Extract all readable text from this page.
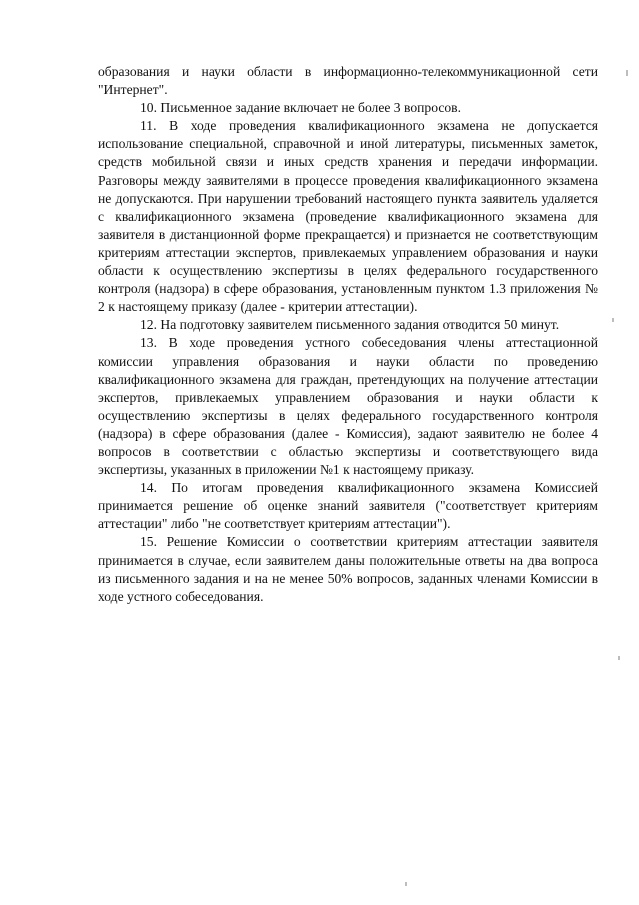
образования и науки области в информационно-телекоммуникационной сети "Интернет".

10. Письменное задание включает не более 3 вопросов.

11. В ходе проведения квалификационного экзамена не допускается использование специальной, справочной и иной литературы, письменных заметок, средств мобильной связи и иных средств хранения и передачи информации. Разговоры между заявителями в процессе проведения квалификационного экзамена не допускаются. При нарушении требований настоящего пункта заявитель удаляется с квалификационного экзамена (проведение квалификационного экзамена для заявителя в дистанционной форме прекращается) и признается не соответствующим критериям аттестации экспертов, привлекаемых управлением образования и науки области к осуществлению экспертизы в целях федерального государственного контроля (надзора) в сфере образования, установленным пунктом 1.3 приложения № 2 к настоящему приказу (далее - критерии аттестации).

12. На подготовку заявителем письменного задания отводится 50 минут.

13. В ходе проведения устного собеседования члены аттестационной комиссии управления образования и науки области по проведению квалификационного экзамена для граждан, претендующих на получение аттестации экспертов, привлекаемых управлением образования и науки области к осуществлению экспертизы в целях федерального государственного контроля (надзора) в сфере образования (далее - Комиссия), задают заявителю не более 4 вопросов в соответствии с областью экспертизы и соответствующего вида экспертизы, указанных в приложении №1 к настоящему приказу.

14. По итогам проведения квалификационного экзамена Комиссией принимается решение об оценке знаний заявителя ("соответствует критериям аттестации" либо "не соответствует критериям аттестации").

15. Решение Комиссии о соответствии критериям аттестации заявителя принимается в случае, если заявителем даны положительные ответы на два вопроса из письменного задания и на не менее 50% вопросов, заданных членами Комиссии в ходе устного собеседования.
